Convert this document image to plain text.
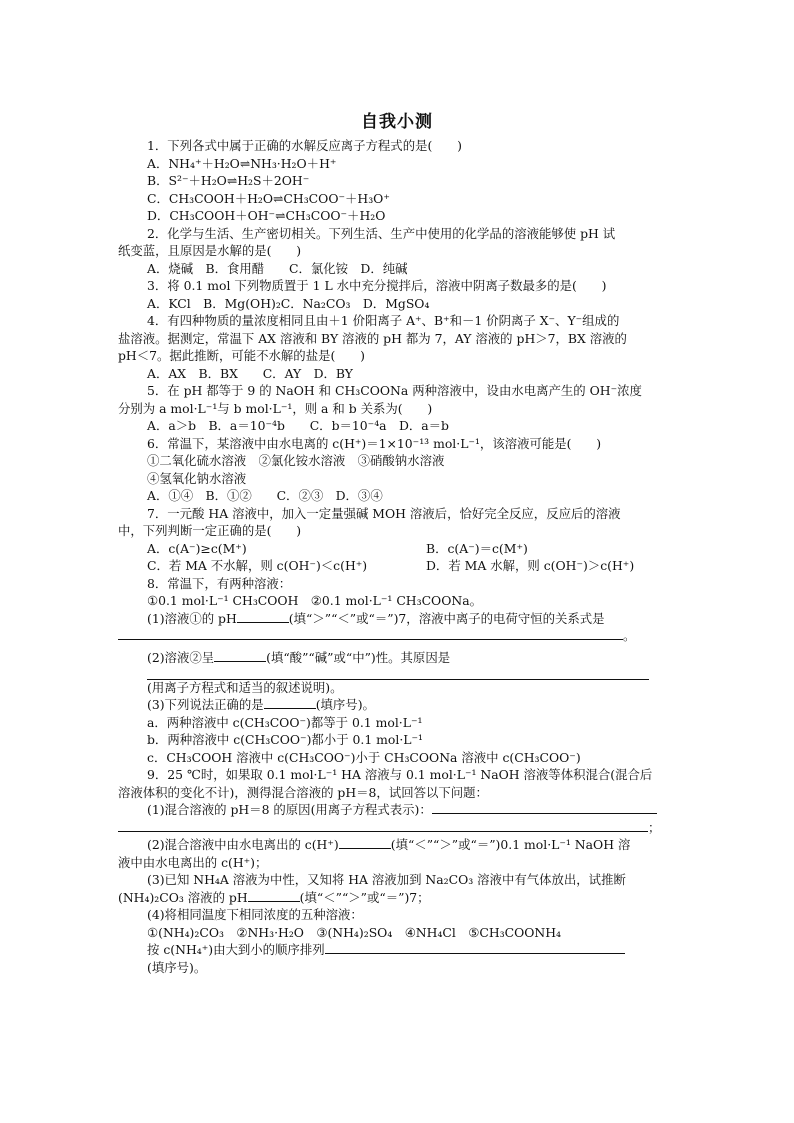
自我小测
1．下列各式中属于正确的水解反应离子方程式的是(　　)
A．NH₄⁺＋H₂O⇌NH₃·H₂O＋H⁺
B．S²⁻＋H₂O⇌H₂S＋2OH⁻
C．CH₃COOH＋H₂O⇌CH₃COO⁻＋H₃O⁺
D．CH₃COOH＋OH⁻⇌CH₃COO⁻＋H₂O
2．化学与生活、生产密切相关。下列生活、生产中使用的化学品的溶液能够使 pH 试
纸变蓝，且原因是水解的是(　　)
A．烧碱　B．食用醋　　C．氯化铵　D．纯碱
3．将 0.1 mol 下列物质置于 1 L 水中充分搅拌后，溶液中阴离子数最多的是(　　)
A．KCl　B．Mg(OH)₂C．Na₂CO₃　D．MgSO₄
4．有四种物质的量浓度相同且由＋1 价阳离子 A⁺、B⁺和－1 价阴离子 X⁻、Y⁻组成的
盐溶液。据测定，常温下 AX 溶液和 BY 溶液的 pH 都为 7，AY 溶液的 pH＞7，BX 溶液的
pH＜7。据此推断，可能不水解的盐是(　　)
A．AX　B．BX　　C．AY　D．BY
5．在 pH 都等于 9 的 NaOH 和 CH₃COONa 两种溶液中，设由水电离产生的 OH⁻浓度
分别为 a mol·L⁻¹与 b mol·L⁻¹，则 a 和 b 关系为(　　)
A．a＞b　B．a＝10⁻⁴b　　C．b＝10⁻⁴a　D．a＝b
6．常温下，某溶液中由水电离的 c(H⁺)＝1×10⁻¹³ mol·L⁻¹，该溶液可能是(　　)
①二氧化硫水溶液　②氯化铵水溶液　③硝酸钠水溶液
④氢氧化钠水溶液
A．①④　B．①②　　C．②③　D．③④
7．一元酸 HA 溶液中，加入一定量强碱 MOH 溶液后，恰好完全反应，反应后的溶液
中，下列判断一定正确的是(　　)
A．c(A⁻)≥c(M⁺)	B．c(A⁻)＝c(M⁺)
C．若 MA 不水解，则 c(OH⁻)＜c(H⁺)	D．若 MA 水解，则 c(OH⁻)＞c(H⁺)
8．常温下，有两种溶液：
①0.1 mol·L⁻¹ CH₃COOH　②0.1 mol·L⁻¹ CH₃COONa。
(1)溶液①的 pH	(填“＞”“＜”或“＝”)7，溶液中离子的电荷守恒的关系式是
。
(2)溶液②呈	(填“酸”“碱”或“中”)性。其原因是
(用离子方程式和适当的叙述说明)。
(3)下列说法正确的是	(填序号)。
a．两种溶液中 c(CH₃COO⁻)都等于 0.1 mol·L⁻¹
b．两种溶液中 c(CH₃COO⁻)都小于 0.1 mol·L⁻¹
c．CH₃COOH 溶液中 c(CH₃COO⁻)小于 CH₃COONa 溶液中 c(CH₃COO⁻)
9．25 ℃时，如果取 0.1 mol·L⁻¹ HA 溶液与 0.1 mol·L⁻¹ NaOH 溶液等体积混合(混合后
溶液体积的变化不计)，测得混合溶液的 pH＝8，试回答以下问题：
(1)混合溶液的 pH＝8 的原因(用离子方程式表示)：
；
(2)混合溶液中由水电离出的 c(H⁺)	(填“＜”“＞”或“＝”)0.1 mol·L⁻¹ NaOH 溶
液中由水电离出的 c(H⁺)；
(3)已知 NH₄A 溶液为中性，又知将 HA 溶液加到 Na₂CO₃ 溶液中有气体放出，试推断
(NH₄)₂CO₃ 溶液的 pH	(填“＜”“＞”或“＝”)7；
(4)将相同温度下相同浓度的五种溶液：
①(NH₄)₂CO₃　②NH₃·H₂O　③(NH₄)₂SO₄　④NH₄Cl　⑤CH₃COONH₄
按 c(NH₄⁺)由大到小的顺序排列
(填序号)。
